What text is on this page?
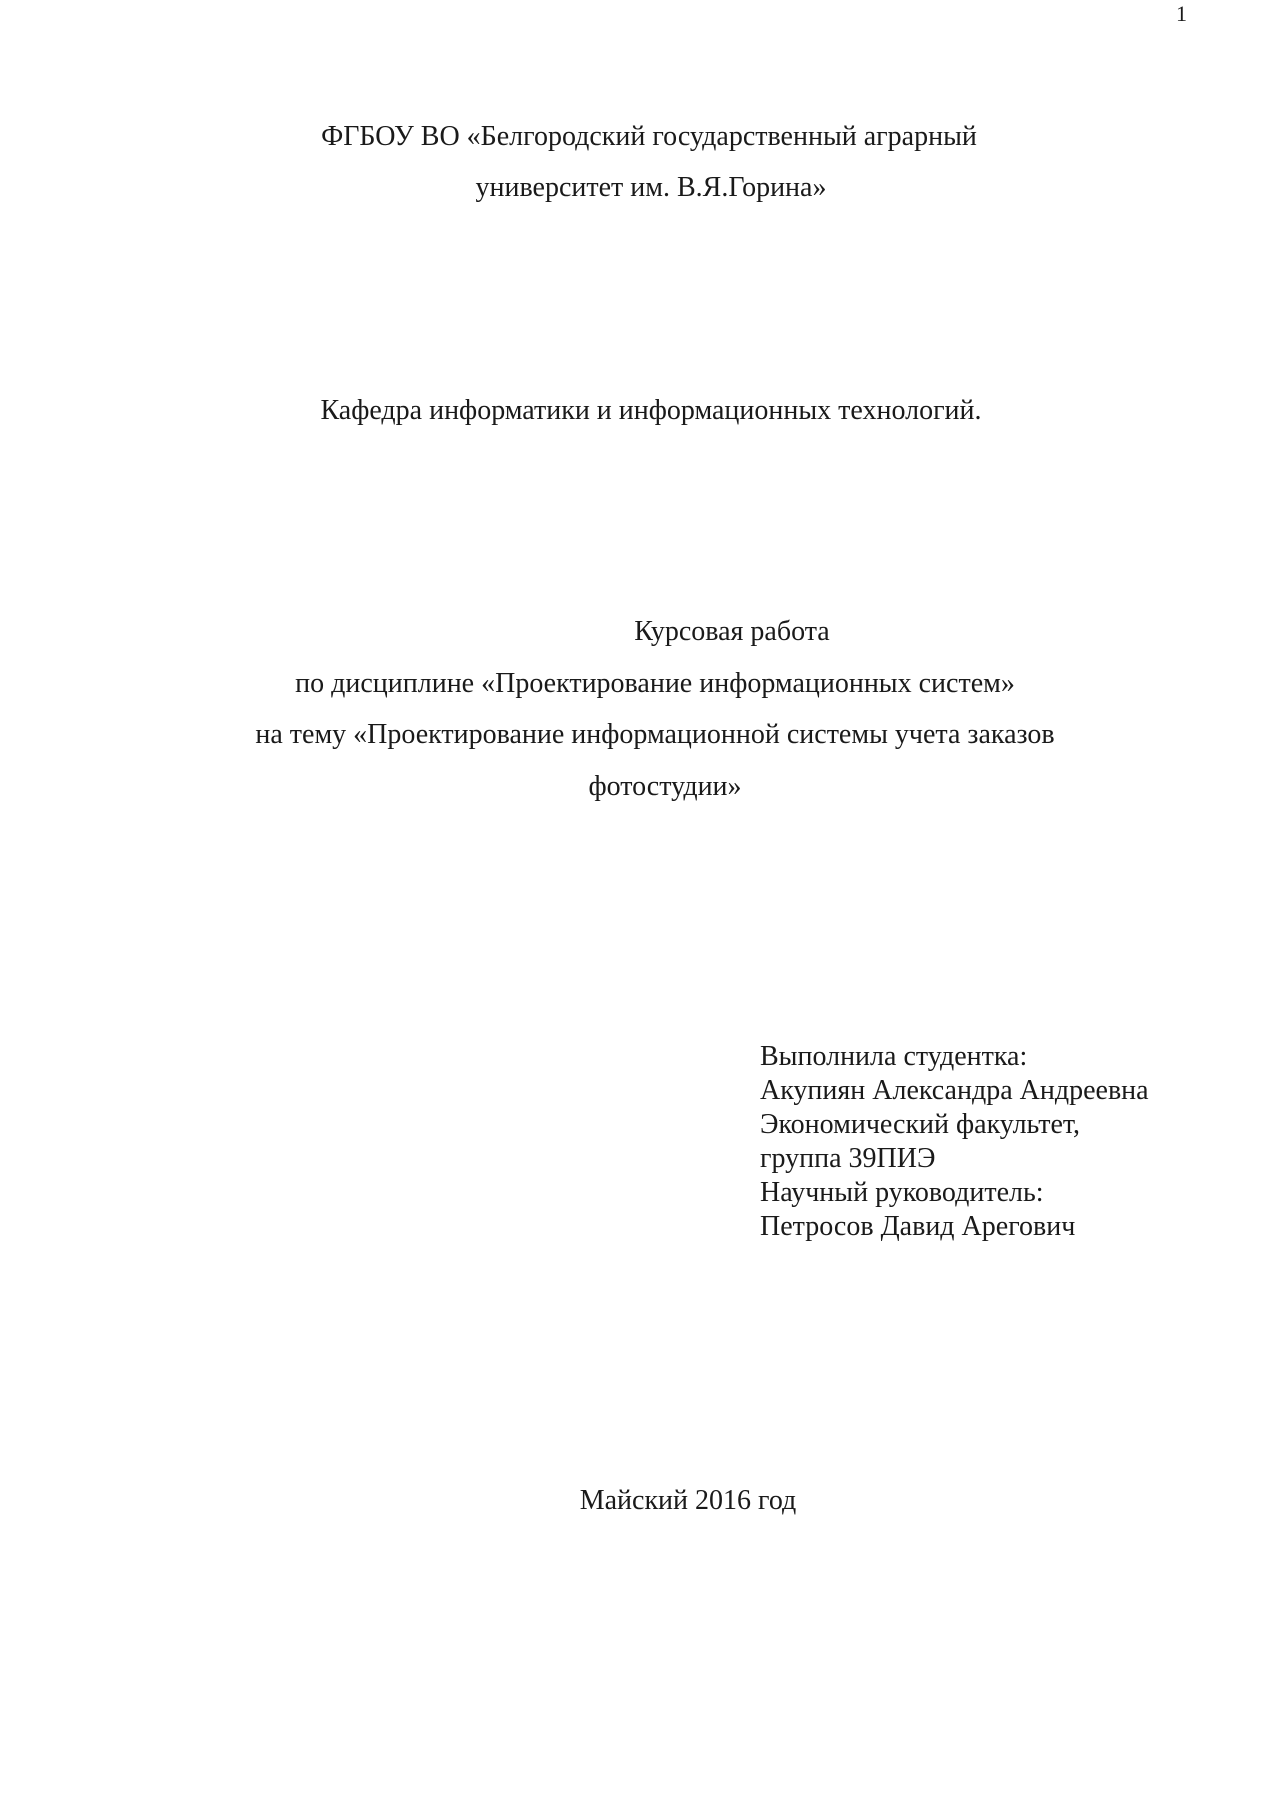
1
ФГБОУ ВО «Белгородский государственный аграрный
университет им. В.Я.Горина»
Кафедра информатики и информационных технологий.
Курсовая работа
по дисциплине «Проектирование информационных систем»
на тему «Проектирование информационной системы учета заказов
фотостудии»
Выполнила студентка:
Акупиян Александра Андреевна
Экономический факультет,
группа 39ПИЭ
Научный руководитель:
Петросов Давид Арегович
Майский 2016 год
